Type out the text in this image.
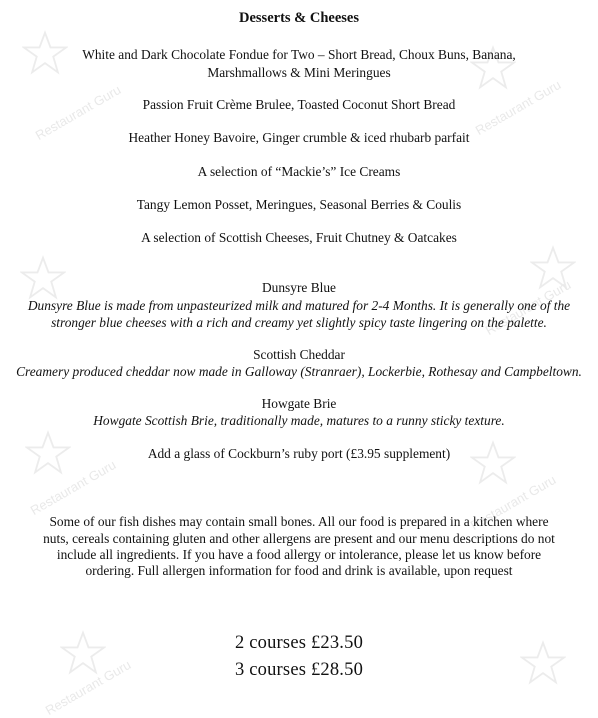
Restaurant Guru	Restaurant Guru
Restaurant Guru
Restaurant Guru	Restaurant Guru
Restaurant Guru

Desserts & Cheeses

White and Dark Chocolate Fondue for Two – Short Bread, Choux Buns, Banana,

Marshmallows & Mini Meringues

Passion Fruit Crème Brulee, Toasted Coconut Short Bread

Heather Honey Bavoire, Ginger crumble & iced rhubarb parfait

A selection of “Mackie’s” Ice Creams

Tangy Lemon Posset, Meringues, Seasonal Berries & Coulis

A selection of Scottish Cheeses, Fruit Chutney & Oatcakes

Dunsyre Blue

Dunsyre Blue is made from unpasteurized milk and matured for 2-4 Months. It is generally one of the

stronger blue cheeses with a rich and creamy yet slightly spicy taste lingering on the palette.

Scottish Cheddar

Creamery produced cheddar now made in Galloway (Stranraer), Lockerbie, Rothesay and Campbeltown.

Howgate Brie

Howgate Scottish Brie, traditionally made, matures to a runny sticky texture.

Add a glass of Cockburn’s ruby port (£3.95 supplement)

Some of our fish dishes may contain small bones. All our food is prepared in a kitchen where

nuts, cereals containing gluten and other allergens are present and our menu descriptions do not

include all ingredients. If you have a food allergy or intolerance, please let us know before

ordering. Full allergen information for food and drink is available, upon request

2 courses £23.50

3 courses £28.50
